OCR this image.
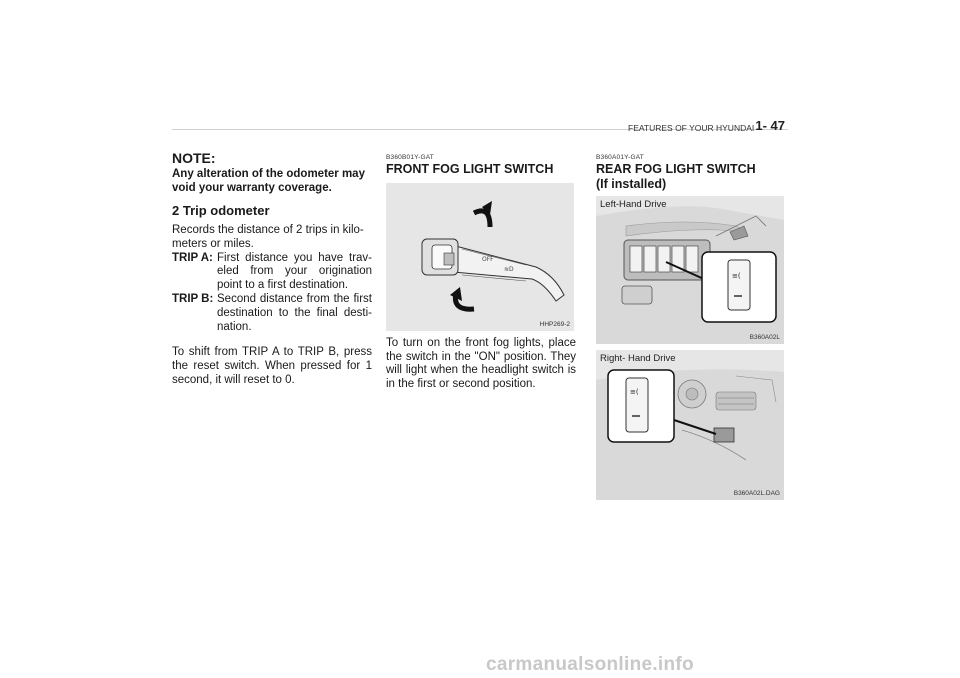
FEATURES OF YOUR HYUNDAI 1- 47
NOTE:
Any alteration of the odometer may void your warranty coverage.
2 Trip odometer
Records the distance of 2 trips in kilo-meters or miles.
TRIP A: First distance you have trav-eled from your origination point to a first destination.
TRIP B: Second distance from the first destination to the final desti-nation.
To shift from TRIP A to TRIP B, press the reset switch. When pressed for 1 second, it will reset to 0.
B360B01Y-GAT
FRONT FOG LIGHT SWITCH
OFF
≋D
HHP269-2
To turn on the front fog lights, place the switch in the "ON" position. They will light when the headlight switch is in the first or second position.
B360A01Y-GAT
REAR FOG LIGHT SWITCH
(If installed)
≡(
Left-Hand Drive
B360A02L
≡(
Right- Hand Drive
B360A02L.DAG
carmanualsonline.info
